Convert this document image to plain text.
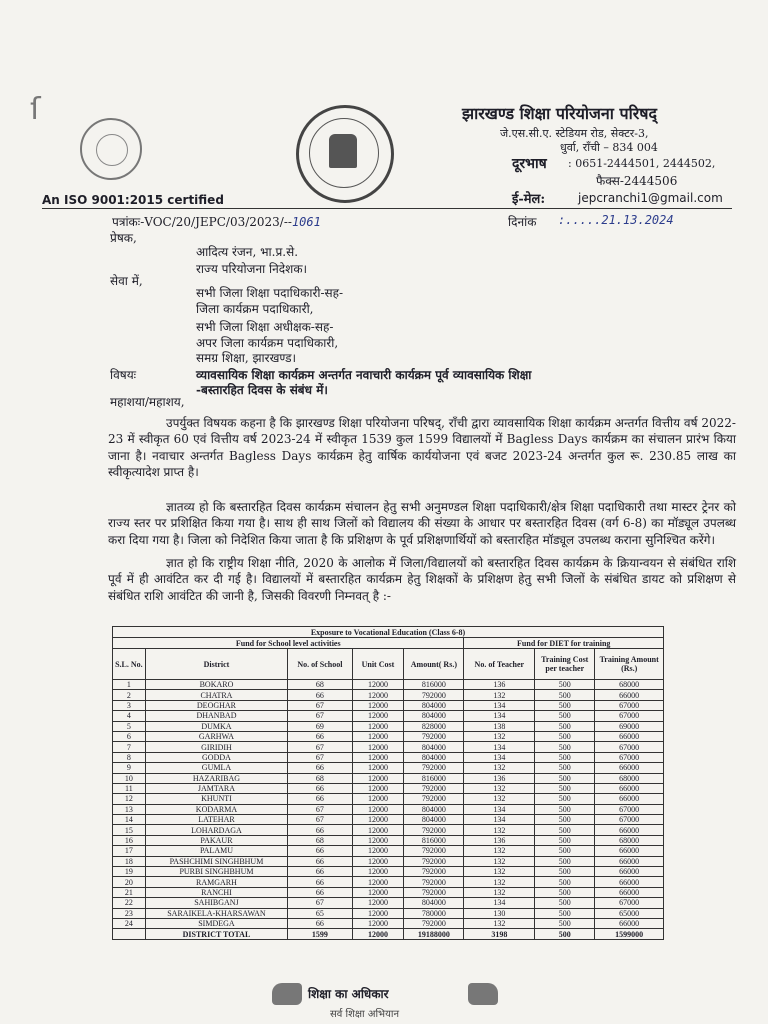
ſ	झारखण्ड शिक्षा परियोजना परिषद्
जे.एस.सी.ए. स्टेडियम रोड, सेक्टर-3,
धुर्वा, राँची – 834 004
दूरभाष : 0651-2444501, 2444502,
फैक्स-2444506
ई-मेल:	jepcranchi1@gmail.com
An ISO 9001:2015 certified
पत्रांकः-VOC/20/JEPC/03/2023/--1061	दिनांक :.....21.13.2024
प्रेषक,
आदित्य रंजन, भा.प्र.से.
राज्य परियोजना निदेशक।
सेवा में,
सभी जिला शिक्षा पदाधिकारी-सह-
जिला कार्यक्रम पदाधिकारी,
सभी जिला शिक्षा अधीक्षक-सह-
अपर जिला कार्यक्रम पदाधिकारी,
समग्र शिक्षा, झारखण्ड।
विषयः	व्यावसायिक शिक्षा कार्यक्रम अन्तर्गत नवाचारी कार्यक्रम पूर्व व्यावसायिक शिक्षा
-बस्तारहित दिवस के संबंध में।
महाशया/महाशय,

उपर्युक्त विषयक कहना है कि झारखण्ड शिक्षा परियोजना परिषद्, राँची द्वारा व्यावसायिक शिक्षा कार्यक्रम अन्तर्गत वित्तीय वर्ष 2022-23 में स्वीकृत 60 एवं वित्तीय वर्ष 2023-24 में स्वीकृत 1539 कुल 1599 विद्यालयों में Bagless Days कार्यक्रम का संचालन प्रारंभ किया जाना है। नवाचार अन्तर्गत Bagless Days कार्यक्रम हेतु वार्षिक कार्ययोजना एवं बजट 2023-24 अन्तर्गत कुल रू. 230.85 लाख का स्वीकृत्यादेश प्राप्त है।

ज्ञातव्य हो कि बस्तारहित दिवस कार्यक्रम संचालन हेतु सभी अनुमण्डल शिक्षा पदाधिकारी/क्षेत्र शिक्षा पदाधिकारी तथा मास्टर ट्रेनर को राज्य स्तर पर प्रशिक्षित किया गया है। साथ ही साथ जिलों को विद्यालय की संख्या के आधार पर बस्तारहित दिवस (वर्ग 6-8) का मॉड्यूल उपलब्ध करा दिया गया है। जिला को निदेशित किया जाता है कि प्रशिक्षण के पूर्व प्रशिक्षणार्थियों को बस्तारहित मॉड्यूल उपलब्ध कराना सुनिश्चित करेंगे।

ज्ञात हो कि राष्ट्रीय शिक्षा नीति, 2020 के आलोक में जिला/विद्यालयों को बस्तारहित दिवस कार्यक्रम के क्रियान्वयन से संबंधित राशि पूर्व में ही आवंटित कर दी गई है। विद्यालयों में बस्तारहित कार्यक्रम हेतु शिक्षकों के प्रशिक्षण हेतु सभी जिलों के संबंधित डायट को प्रशिक्षण से संबंधित राशि आवंटित की जानी है, जिसकी विवरणी निम्नवत् है :-

Exposure to Vocational Education (Class 6-8)							
Fund for School level activities					Fund for DIET for training		
S.L. No.	District	No. of School	Unit Cost	Amount( Rs.)	No. of Teacher	Training Cost per teacher	Training Amount (Rs.)
1	BOKARO	68	12000	816000	136	500	68000
2	CHATRA	66	12000	792000	132	500	66000
3	DEOGHAR	67	12000	804000	134	500	67000
4	DHANBAD	67	12000	804000	134	500	67000
5	DUMKA	69	12000	828000	138	500	69000
6	GARHWA	66	12000	792000	132	500	66000
7	GIRIDIH	67	12000	804000	134	500	67000
8	GODDA	67	12000	804000	134	500	67000
9	GUMLA	66	12000	792000	132	500	66000
10	HAZARIBAG	68	12000	816000	136	500	68000
11	JAMTARA	66	12000	792000	132	500	66000
12	KHUNTI	66	12000	792000	132	500	66000
13	KODARMA	67	12000	804000	134	500	67000
14	LATEHAR	67	12000	804000	134	500	67000
15	LOHARDAGA	66	12000	792000	132	500	66000
16	PAKAUR	68	12000	816000	136	500	68000
17	PALAMU	66	12000	792000	132	500	66000
18	PASHCHIMI SINGHBHUM	66	12000	792000	132	500	66000
19	PURBI SINGHBHUM	66	12000	792000	132	500	66000
20	RAMGARH	66	12000	792000	132	500	66000
21	RANCHI	66	12000	792000	132	500	66000
22	SAHIBGANJ	67	12000	804000	134	500	67000
23	SARAIKELA-KHARSAWAN	65	12000	780000	130	500	65000
24	SIMDEGA	66	12000	792000	132	500	66000
	DISTRICT TOTAL	1599	12000	19188000	3198	500	1599000
शिक्षा का अधिकार
सर्व शिक्षा अभियान
